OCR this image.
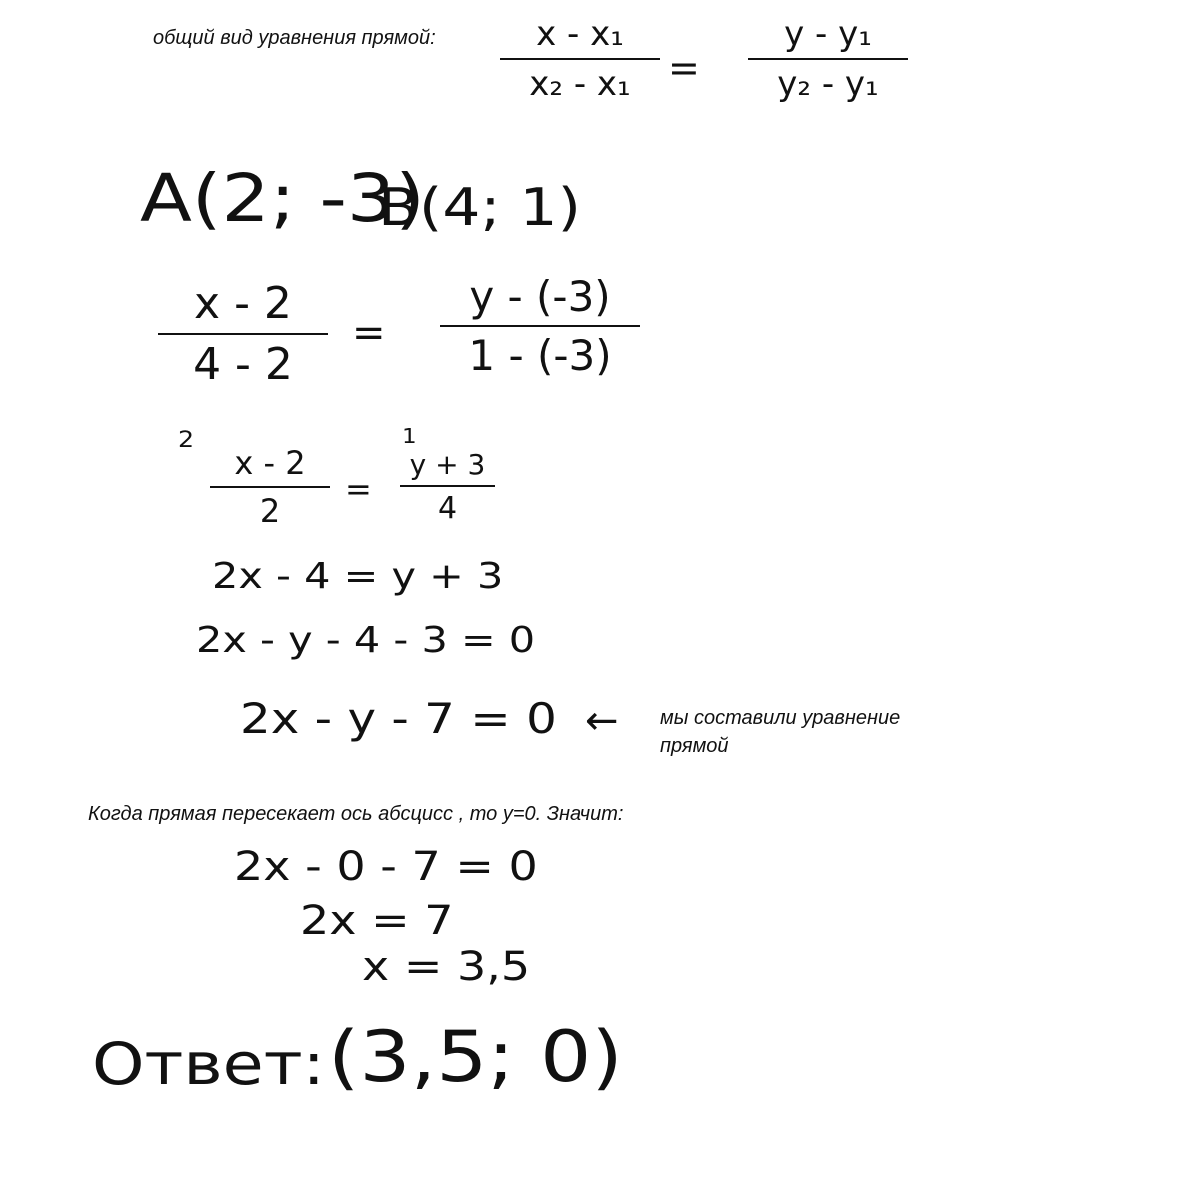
общий вид уравнения прямой:	x - x₁
x₂ - x₁ =
y - y₁
y₂ - y₁
A(2; -3)
B(4; 1)
x - 2
4 - 2
=
y - (-3)
1 - (-3)
2
x - 2
2
=
1
y + 3
4
2x - 4 = y + 3
2x - y - 4 - 3 = 0
2x - y - 7 = 0 ← мы составили уравнение
прямой
Когда прямая пересекает ось абсцисс , то y=0. Значит:
2x - 0 - 7 = 0
2x = 7
x = 3,5
Ответ: (3,5; 0)
